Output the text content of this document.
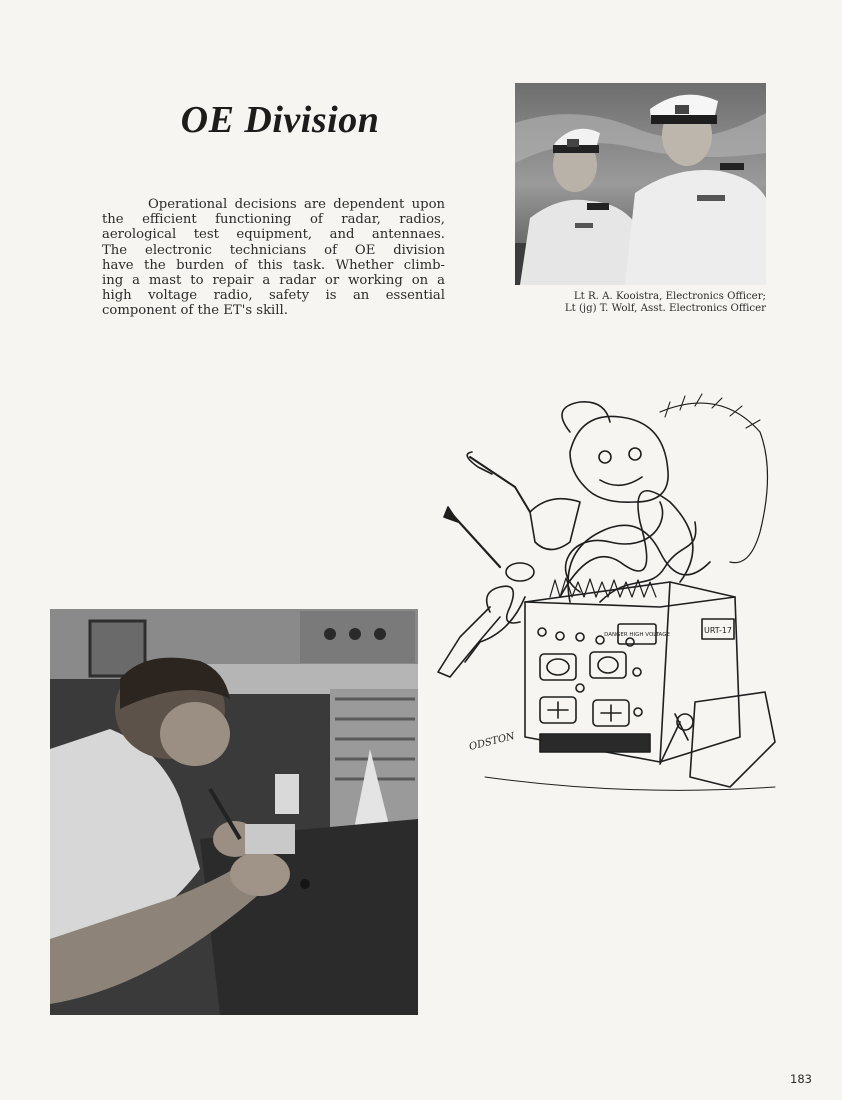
OE Division

Operational decisions are dependent upon
the efficient functioning of radar, radios,
aerological test equipment, and antennaes.
The electronic technicians of OE division
have the burden of this task. Whether climb-
ing a mast to repair a radar or working on a
high voltage radio, safety is an essential
component of the ET's skill.

Lt R. A. Kooistra, Electronics Officer;
Lt (jg) T. Wolf, Asst. Electronics Officer

DANGER HIGH VOLTAGE	URT-17
ODSTON
183
